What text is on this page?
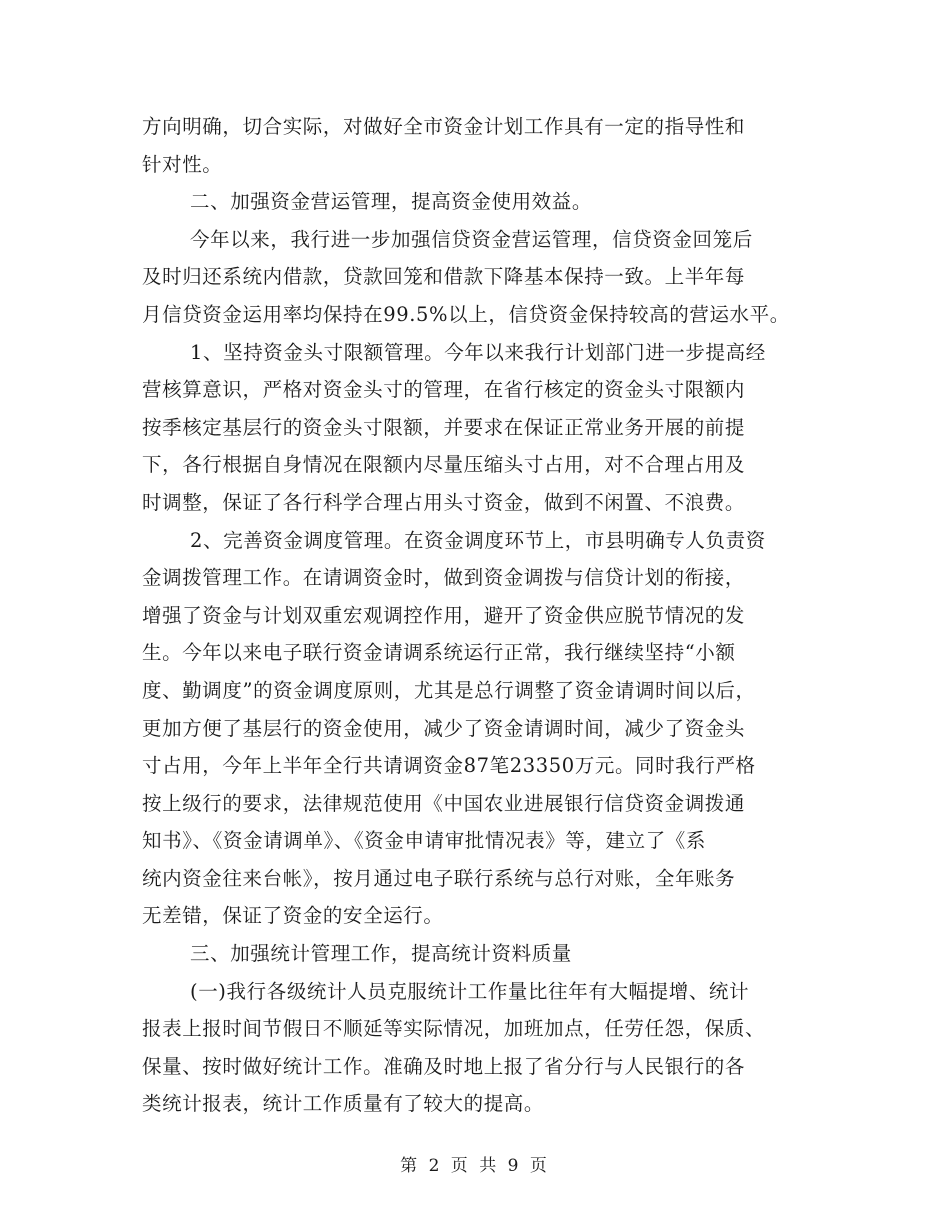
方向明确，切合实际，对做好全市资金计划工作具有一定的指导性和
针对性。
二、加强资金营运管理，提高资金使用效益。
今年以来，我行进一步加强信贷资金营运管理，信贷资金回笼后
及时归还系统内借款，贷款回笼和借款下降基本保持一致。上半年每
月信贷资金运用率均保持在99.5%以上，信贷资金保持较高的营运水平。
1、坚持资金头寸限额管理。今年以来我行计划部门进一步提高经
营核算意识，严格对资金头寸的管理，在省行核定的资金头寸限额内
按季核定基层行的资金头寸限额，并要求在保证正常业务开展的前提
下，各行根据自身情况在限额内尽量压缩头寸占用，对不合理占用及
时调整，保证了各行科学合理占用头寸资金，做到不闲置、不浪费。
2、完善资金调度管理。在资金调度环节上，市县明确专人负责资
金调拨管理工作。在请调资金时，做到资金调拨与信贷计划的衔接，
增强了资金与计划双重宏观调控作用，避开了资金供应脱节情况的发
生。今年以来电子联行资金请调系统运行正常，我行继续坚持“小额
度、勤调度”的资金调度原则，尤其是总行调整了资金请调时间以后，
更加方便了基层行的资金使用，减少了资金请调时间，减少了资金头
寸占用，今年上半年全行共请调资金87笔23350万元。同时我行严格
按上级行的要求，法律规范使用《中国农业进展银行信贷资金调拨通
知书》、《资金请调单》、《资金申请审批情况表》等，建立了《系
统内资金往来台帐》，按月通过电子联行系统与总行对账，全年账务
无差错，保证了资金的安全运行。
三、加强统计管理工作，提高统计资料质量
(一)我行各级统计人员克服统计工作量比往年有大幅提增、统计
报表上报时间节假日不顺延等实际情况，加班加点，任劳任怨，保质、
保量、按时做好统计工作。准确及时地上报了省分行与人民银行的各
类统计报表，统计工作质量有了较大的提高。
第 2 页 共 9 页
